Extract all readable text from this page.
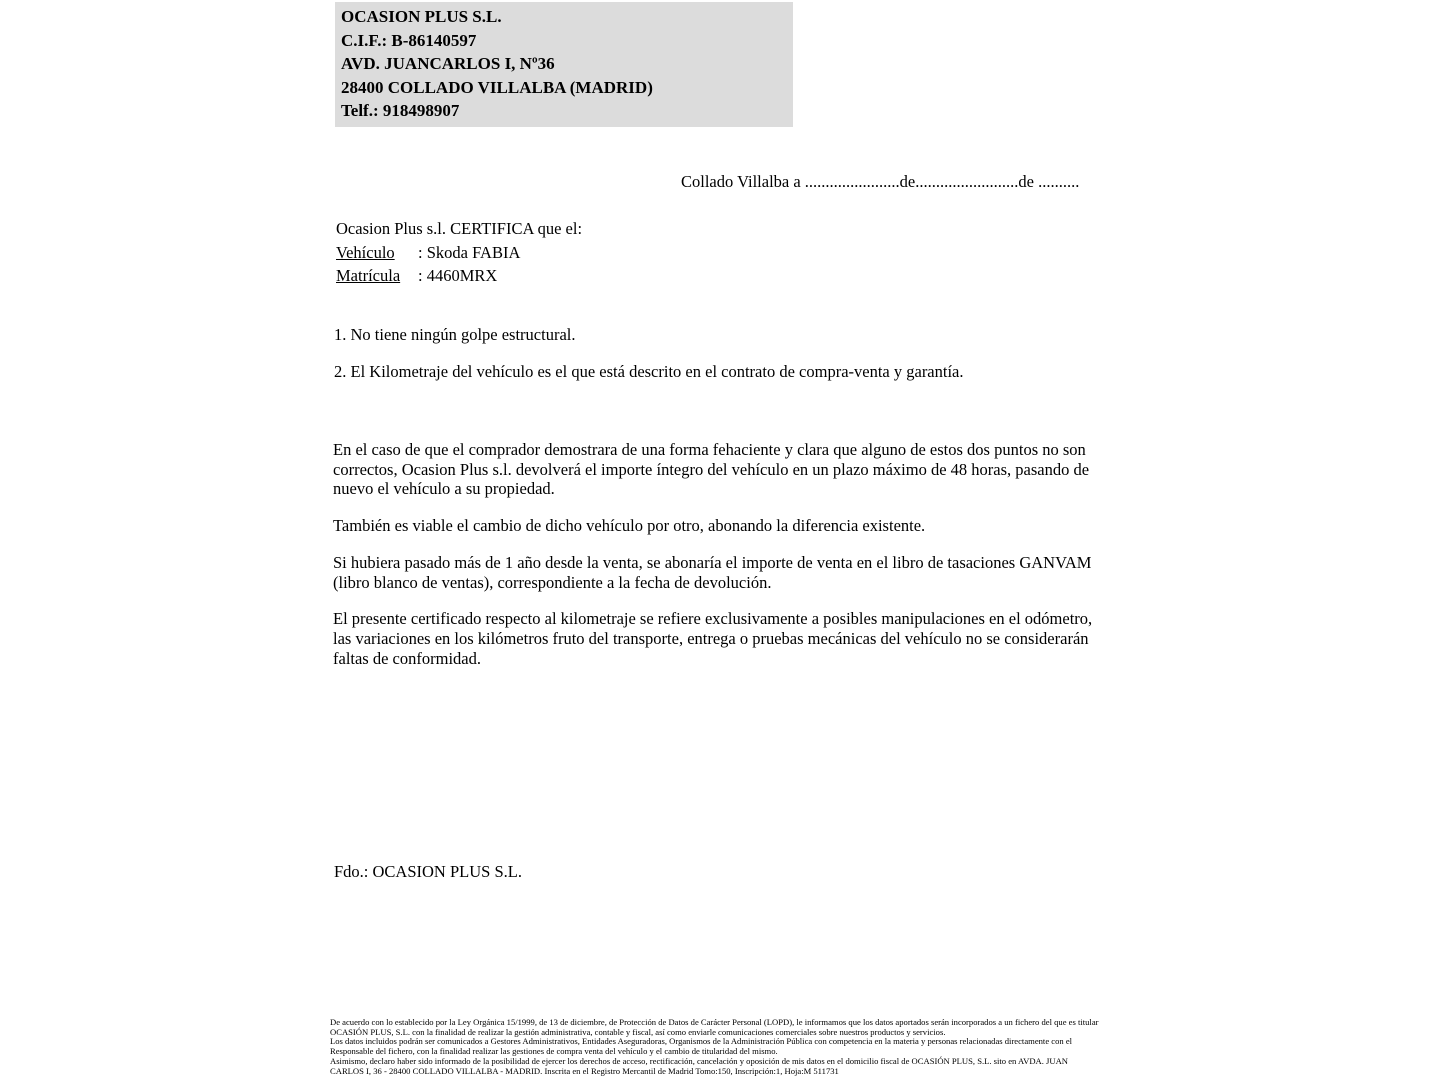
OCASION PLUS S.L.
C.I.F.: B-86140597
AVD. JUANCARLOS I, Nº36
28400 COLLADO VILLALBA (MADRID)
Telf.: 918498907
Collado Villalba a .......................de.........................de ..........
Ocasion Plus s.l. CERTIFICA que el:
Vehículo	: Skoda FABIA
Matrícula	: 4460MRX
1. No tiene ningún golpe estructural.
2. El Kilometraje del vehículo es el que está descrito en el contrato de compra-venta y garantía.

En el caso de que el comprador demostrara de una forma fehaciente y clara que alguno de estos dos puntos no son correctos, Ocasion Plus s.l. devolverá el importe íntegro del vehículo en un plazo máximo de 48 horas, pasando de nuevo el vehículo a su propiedad.

También es viable el cambio de dicho vehículo por otro, abonando la diferencia existente.

Si hubiera pasado más de 1 año desde la venta, se abonaría el importe de venta en el libro de tasaciones GANVAM (libro blanco de ventas), correspondiente a la fecha de devolución.

El presente certificado respecto al kilometraje se refiere exclusivamente a posibles manipulaciones en el odómetro, las variaciones en los kilómetros fruto del transporte, entrega o pruebas mecánicas del vehículo no se considerarán faltas de conformidad.

Fdo.: OCASION PLUS S.L.

De acuerdo con lo establecido por la Ley Orgánica 15/1999, de 13 de diciembre, de Protección de Datos de Carácter Personal (LOPD), le informamos que los datos aportados serán incorporados a un fichero del que es titular OCASIÓN PLUS, S.L. con la finalidad de realizar la gestión administrativa, contable y fiscal, así como enviarle comunicaciones comerciales sobre nuestros productos y servicios.

Los datos incluidos podrán ser comunicados a Gestores Administrativos, Entidades Aseguradoras, Organismos de la Administración Pública con competencia en la materia y personas relacionadas directamente con el Responsable del fichero, con la finalidad realizar las gestiones de compra venta del vehículo y el cambio de titularidad del mismo.

Asimismo, declaro haber sido informado de la posibilidad de ejercer los derechos de acceso, rectificación, cancelación y oposición de mis datos en el domicilio fiscal de OCASIÓN PLUS, S.L. sito en AVDA. JUAN CARLOS I, 36 - 28400 COLLADO VILLALBA - MADRID. Inscrita en el Registro Mercantil de Madrid Tomo:150, Inscripción:1, Hoja:M 511731
